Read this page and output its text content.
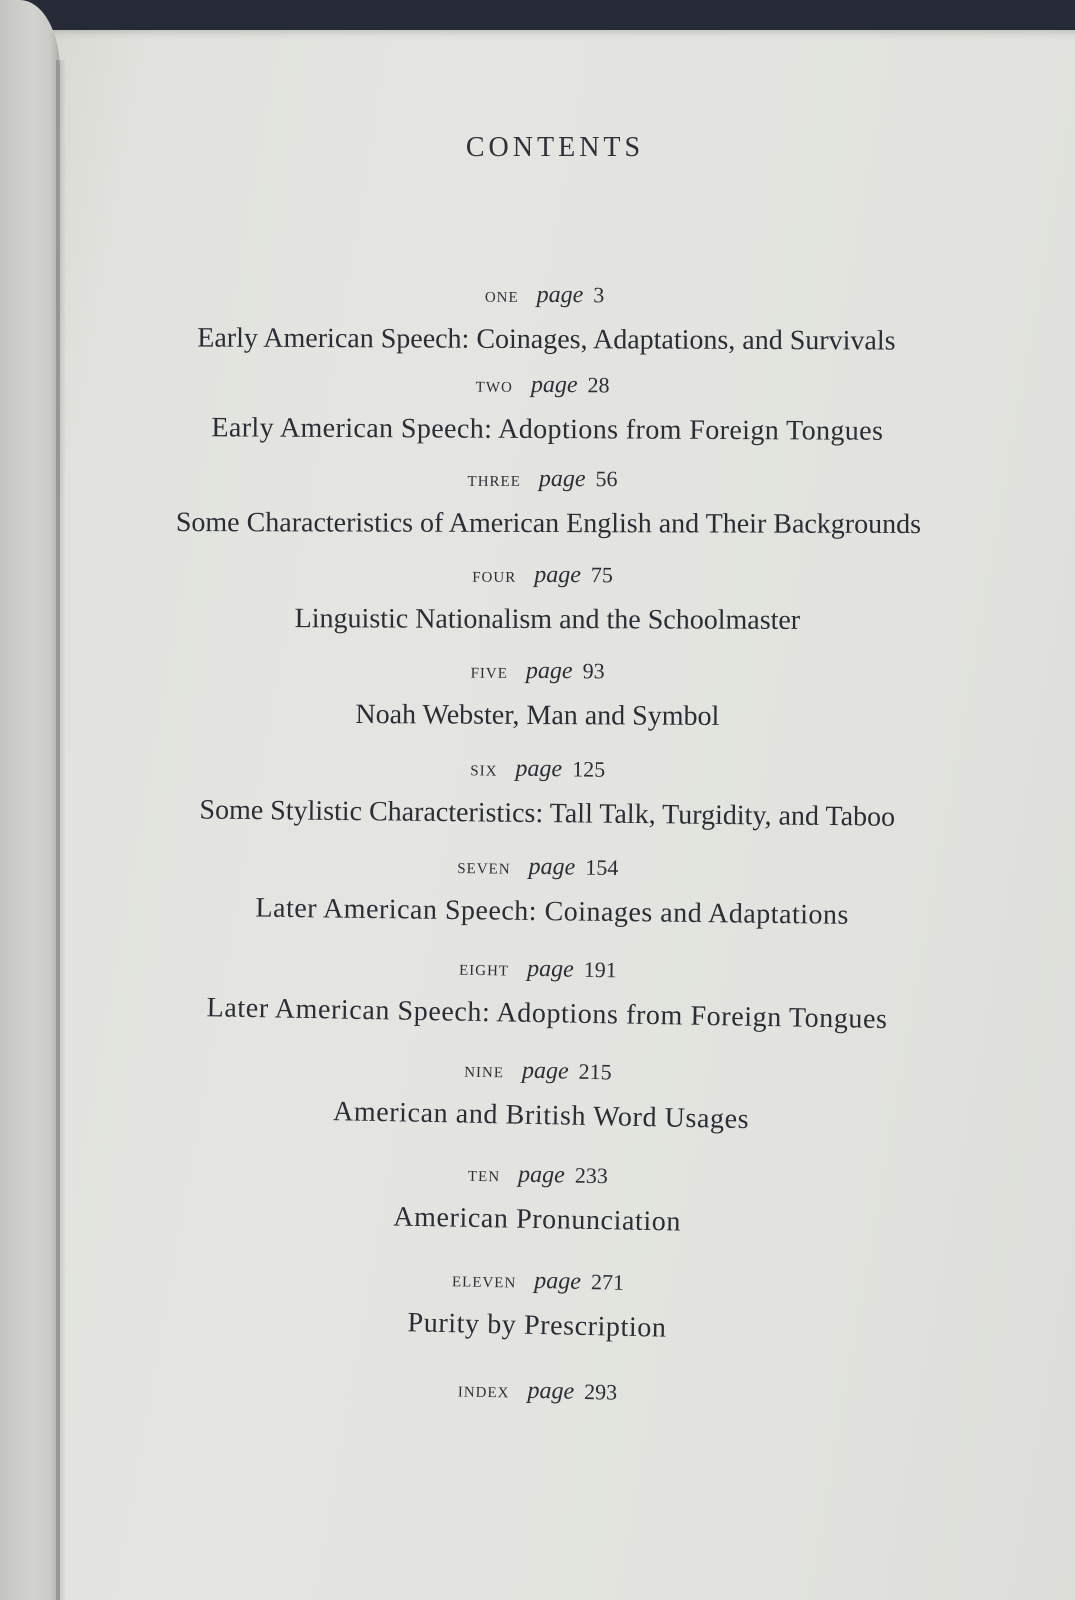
CONTENTS
one page 3
Early American Speech: Coinages, Adaptations, and Survivals
two page 28
Early American Speech: Adoptions from Foreign Tongues
three page 56
Some Characteristics of American English and Their Backgrounds
four page 75
Linguistic Nationalism and the Schoolmaster
five page 93
Noah Webster, Man and Symbol
six page 125
Some Stylistic Characteristics: Tall Talk, Turgidity, and Taboo
seven page 154
Later American Speech: Coinages and Adaptations
eight page 191
Later American Speech: Adoptions from Foreign Tongues
nine page 215
American and British Word Usages
ten page 233
American Pronunciation
eleven page 271
Purity by Prescription
index page 293
